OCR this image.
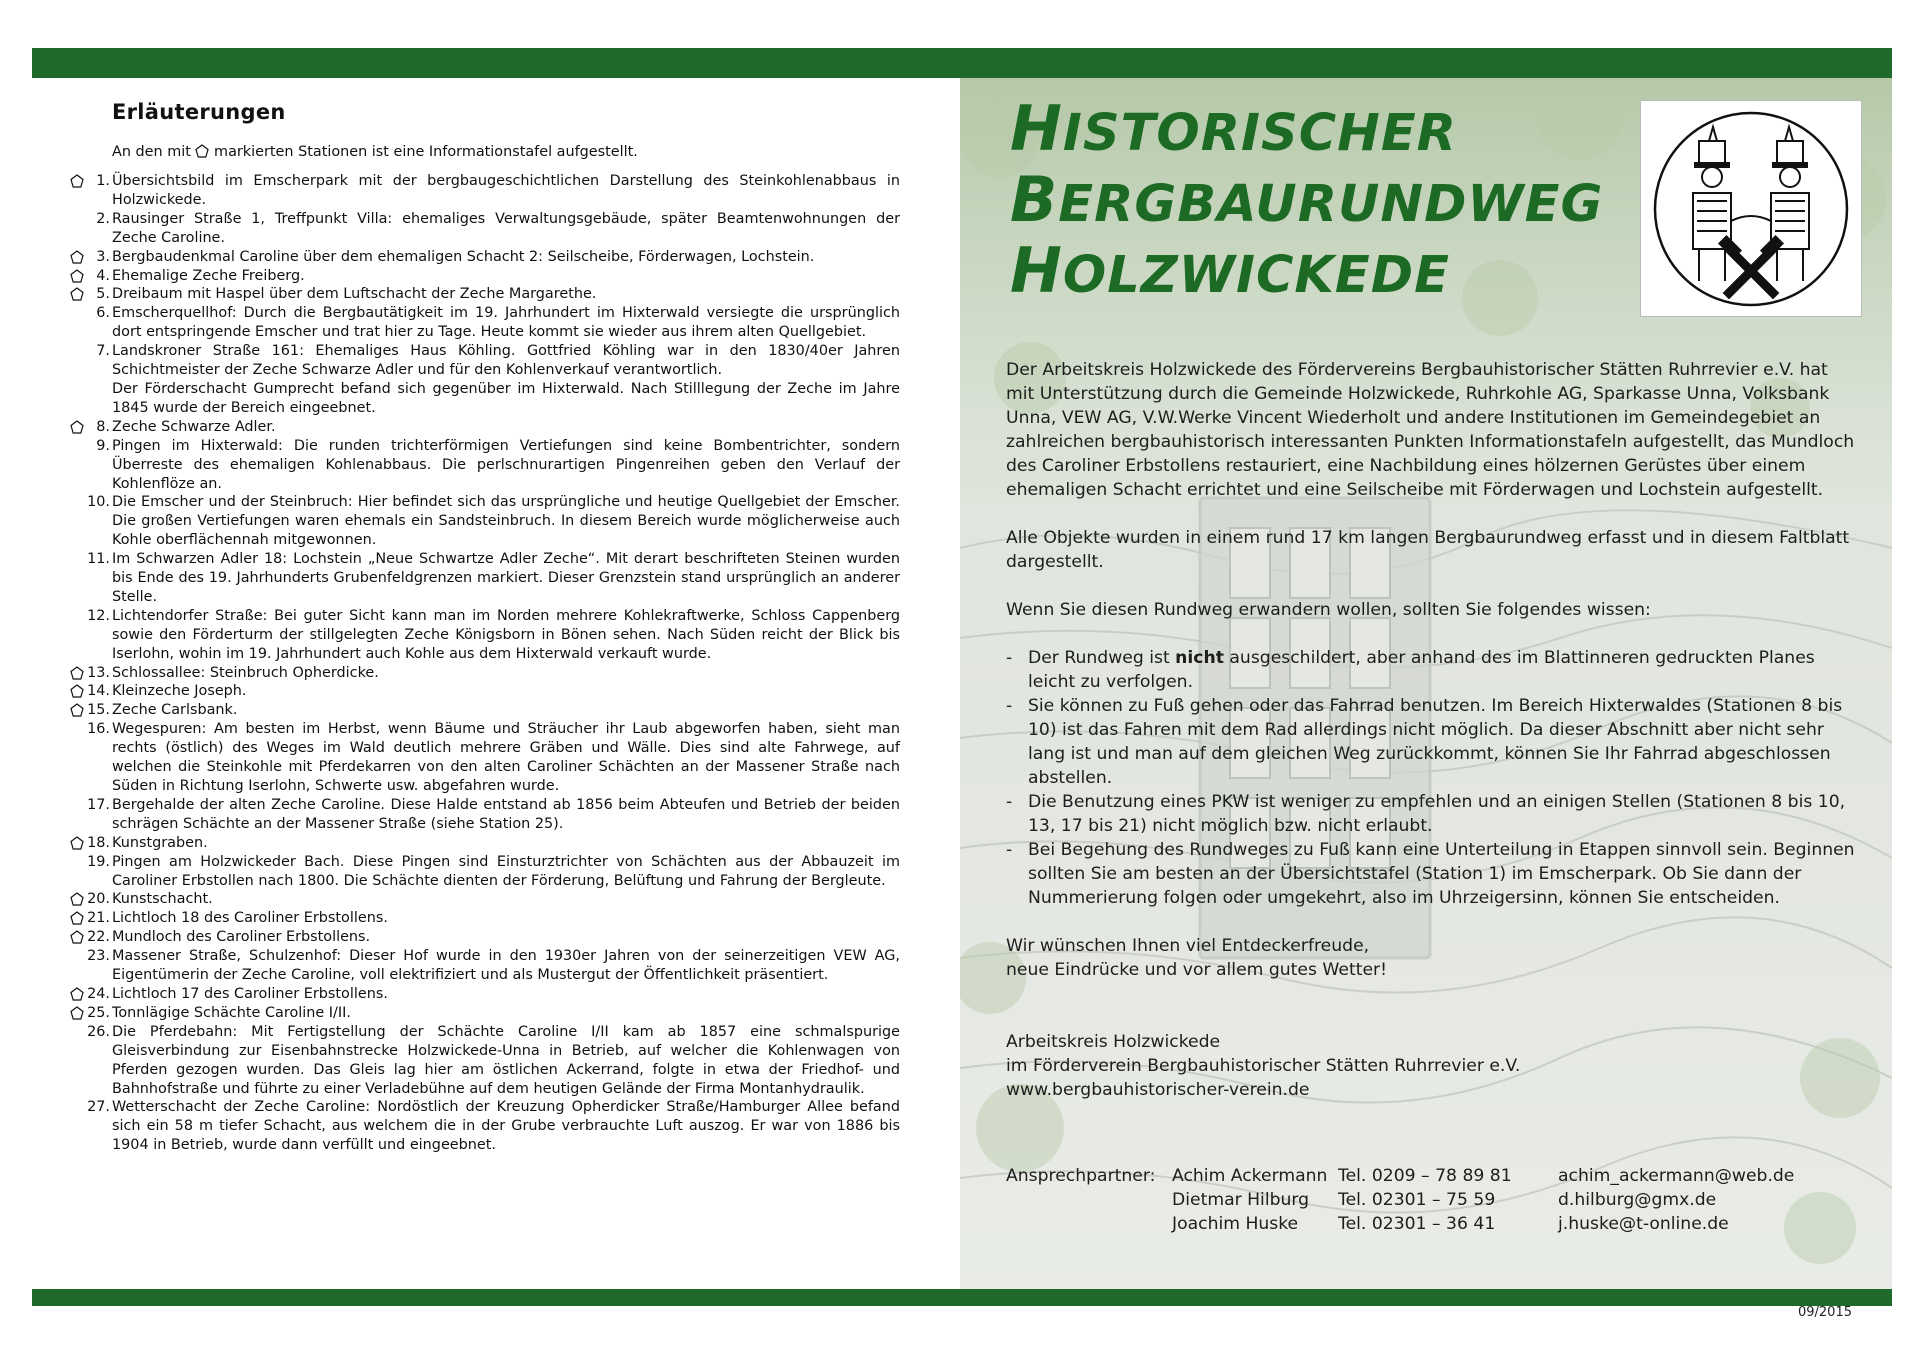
Erläuterungen
An den mit markierten Stationen ist eine Informationstafel aufgestellt.
1. Übersichtsbild im Emscherpark mit der bergbaugeschichtlichen Darstellung des Steinkohlenabbaus in Holzwickede.
2. Rausinger Straße 1, Treffpunkt Villa: ehemaliges Verwaltungsgebäude, später Beamtenwohnungen der Zeche Caroline.
3. Bergbaudenkmal Caroline über dem ehemaligen Schacht 2: Seilscheibe, Förderwagen, Lochstein.
4. Ehemalige Zeche Freiberg.
5. Dreibaum mit Haspel über dem Luftschacht der Zeche Margarethe.
6. Emscherquellhof: Durch die Bergbautätigkeit im 19. Jahrhundert im Hixterwald versiegte die ursprünglich dort entspringende Emscher und trat hier zu Tage. Heute kommt sie wieder aus ihrem alten Quellgebiet.
7. Landskroner Straße 161: Ehemaliges Haus Köhling. Gottfried Köhling war in den 1830/40er Jahren Schichtmeister der Zeche Schwarze Adler und für den Kohlenverkauf verantwortlich.
Der Förderschacht Gumprecht befand sich gegenüber im Hixterwald. Nach Stilllegung der Zeche im Jahre 1845 wurde der Bereich eingeebnet.
8. Zeche Schwarze Adler.
9. Pingen im Hixterwald: Die runden trichterförmigen Vertiefungen sind keine Bombentrichter, sondern Überreste des ehemaligen Kohlenabbaus. Die perlschnurartigen Pingenreihen geben den Verlauf der Kohlenflöze an.
10. Die Emscher und der Steinbruch: Hier befindet sich das ursprüngliche und heutige Quellgebiet der Emscher. Die großen Vertiefungen waren ehemals ein Sandsteinbruch. In diesem Bereich wurde möglicherweise auch Kohle oberflächennah mitgewonnen.
11. Im Schwarzen Adler 18: Lochstein „Neue Schwartze Adler Zeche“. Mit derart beschrifteten Steinen wurden bis Ende des 19. Jahrhunderts Grubenfeldgrenzen markiert. Dieser Grenzstein stand ursprünglich an anderer Stelle.
12. Lichtendorfer Straße: Bei guter Sicht kann man im Norden mehrere Kohlekraftwerke, Schloss Cappenberg sowie den Förderturm der stillgelegten Zeche Königsborn in Bönen sehen. Nach Süden reicht der Blick bis Iserlohn, wohin im 19. Jahrhundert auch Kohle aus dem Hixterwald verkauft wurde.
13. Schlossallee: Steinbruch Opherdicke.
14. Kleinzeche Joseph.
15. Zeche Carlsbank.
16. Wegespuren: Am besten im Herbst, wenn Bäume und Sträucher ihr Laub abgeworfen haben, sieht man rechts (östlich) des Weges im Wald deutlich mehrere Gräben und Wälle. Dies sind alte Fahrwege, auf welchen die Steinkohle mit Pferdekarren von den alten Caroliner Schächten an der Massener Straße nach Süden in Richtung Iserlohn, Schwerte usw. abgefahren wurde.
17. Bergehalde der alten Zeche Caroline. Diese Halde entstand ab 1856 beim Abteufen und Betrieb der beiden schrägen Schächte an der Massener Straße (siehe Station 25).
18. Kunstgraben.
19. Pingen am Holzwickeder Bach. Diese Pingen sind Einsturztrichter von Schächten aus der Abbauzeit im Caroliner Erbstollen nach 1800. Die Schächte dienten der Förderung, Belüftung und Fahrung der Bergleute.
20. Kunstschacht.
21. Lichtloch 18 des Caroliner Erbstollens.
22. Mundloch des Caroliner Erbstollens.
23. Massener Straße, Schulzenhof: Dieser Hof wurde in den 1930er Jahren von der seinerzeitigen VEW AG, Eigentümerin der Zeche Caroline, voll elektrifiziert und als Mustergut der Öffentlichkeit präsentiert.
24. Lichtloch 17 des Caroliner Erbstollens.
25. Tonnlägige Schächte Caroline I/II.
26. Die Pferdebahn: Mit Fertigstellung der Schächte Caroline I/II kam ab 1857 eine schmalspurige Gleisverbindung zur Eisenbahnstrecke Holzwickede-Unna in Betrieb, auf welcher die Kohlenwagen von Pferden gezogen wurden. Das Gleis lag hier am östlichen Ackerrand, folgte in etwa der Friedhof- und Bahnhofstraße und führte zu einer Verladebühne auf dem heutigen Gelände der Firma Montanhydraulik.
27. Wetterschacht der Zeche Caroline: Nordöstlich der Kreuzung Opherdicker Straße/Hamburger Allee befand sich ein 58 m tiefer Schacht, aus welchem die in der Grube verbrauchte Luft auszog. Er war von 1886 bis 1904 in Betrieb, wurde dann verfüllt und eingeebnet.
HISTORISCHER
BERGBAURUNDWEG
HOLZWICKEDE

Der Arbeitskreis Holzwickede des Fördervereins Bergbauhistorischer Stätten Ruhrrevier e.V. hat mit Unterstützung durch die Gemeinde Holzwickede, Ruhrkohle AG, Sparkasse Unna, Volksbank Unna, VEW AG, V.W.Werke Vincent Wiederholt und andere Institutionen im Gemeindegebiet an zahlreichen bergbauhistorisch interessanten Punkten Informationstafeln aufgestellt, das Mundloch des Caroliner Erbstollens restauriert, eine Nachbildung eines hölzernen Gerüstes über einem ehemaligen Schacht errichtet und eine Seilscheibe mit Förderwagen und Lochstein aufgestellt.

Alle Objekte wurden in einem rund 17 km langen Bergbaurundweg erfasst und in diesem Faltblatt dargestellt.

Wenn Sie diesen Rundweg erwandern wollen, sollten Sie folgendes wissen:

- Der Rundweg ist nicht ausgeschildert, aber anhand des im Blattinneren gedruckten Planes leicht zu verfolgen.
- Sie können zu Fuß gehen oder das Fahrrad benutzen. Im Bereich Hixterwaldes (Stationen 8 bis 10) ist das Fahren mit dem Rad allerdings nicht möglich. Da dieser Abschnitt aber nicht sehr lang ist und man auf dem gleichen Weg zurückkommt, können Sie Ihr Fahrrad abgeschlossen abstellen.
- Die Benutzung eines PKW ist weniger zu empfehlen und an einigen Stellen (Stationen 8 bis 10, 13, 17 bis 21) nicht möglich bzw. nicht erlaubt.
- Bei Begehung des Rundweges zu Fuß kann eine Unterteilung in Etappen sinnvoll sein. Beginnen sollten Sie am besten an der Übersichtstafel (Station 1) im Emscherpark. Ob Sie dann der Nummerierung folgen oder umgekehrt, also im Uhrzeigersinn, können Sie entscheiden.
Wir wünschen Ihnen viel Entdeckerfreude,
neue Eindrücke und vor allem gutes Wetter!
Arbeitskreis Holzwickede
im Förderverein Bergbauhistorischer Stätten Ruhrrevier e.V.
www.bergbauhistorischer-verein.de
Ansprechpartner:	Achim Ackermann	Tel. 0209 – 78 89 81	achim_ackermann@web.de
	Dietmar Hilburg	Tel. 02301 – 75 59	d.hilburg@gmx.de
	Joachim Huske	Tel. 02301 – 36 41	j.huske@t-online.de
09/2015
